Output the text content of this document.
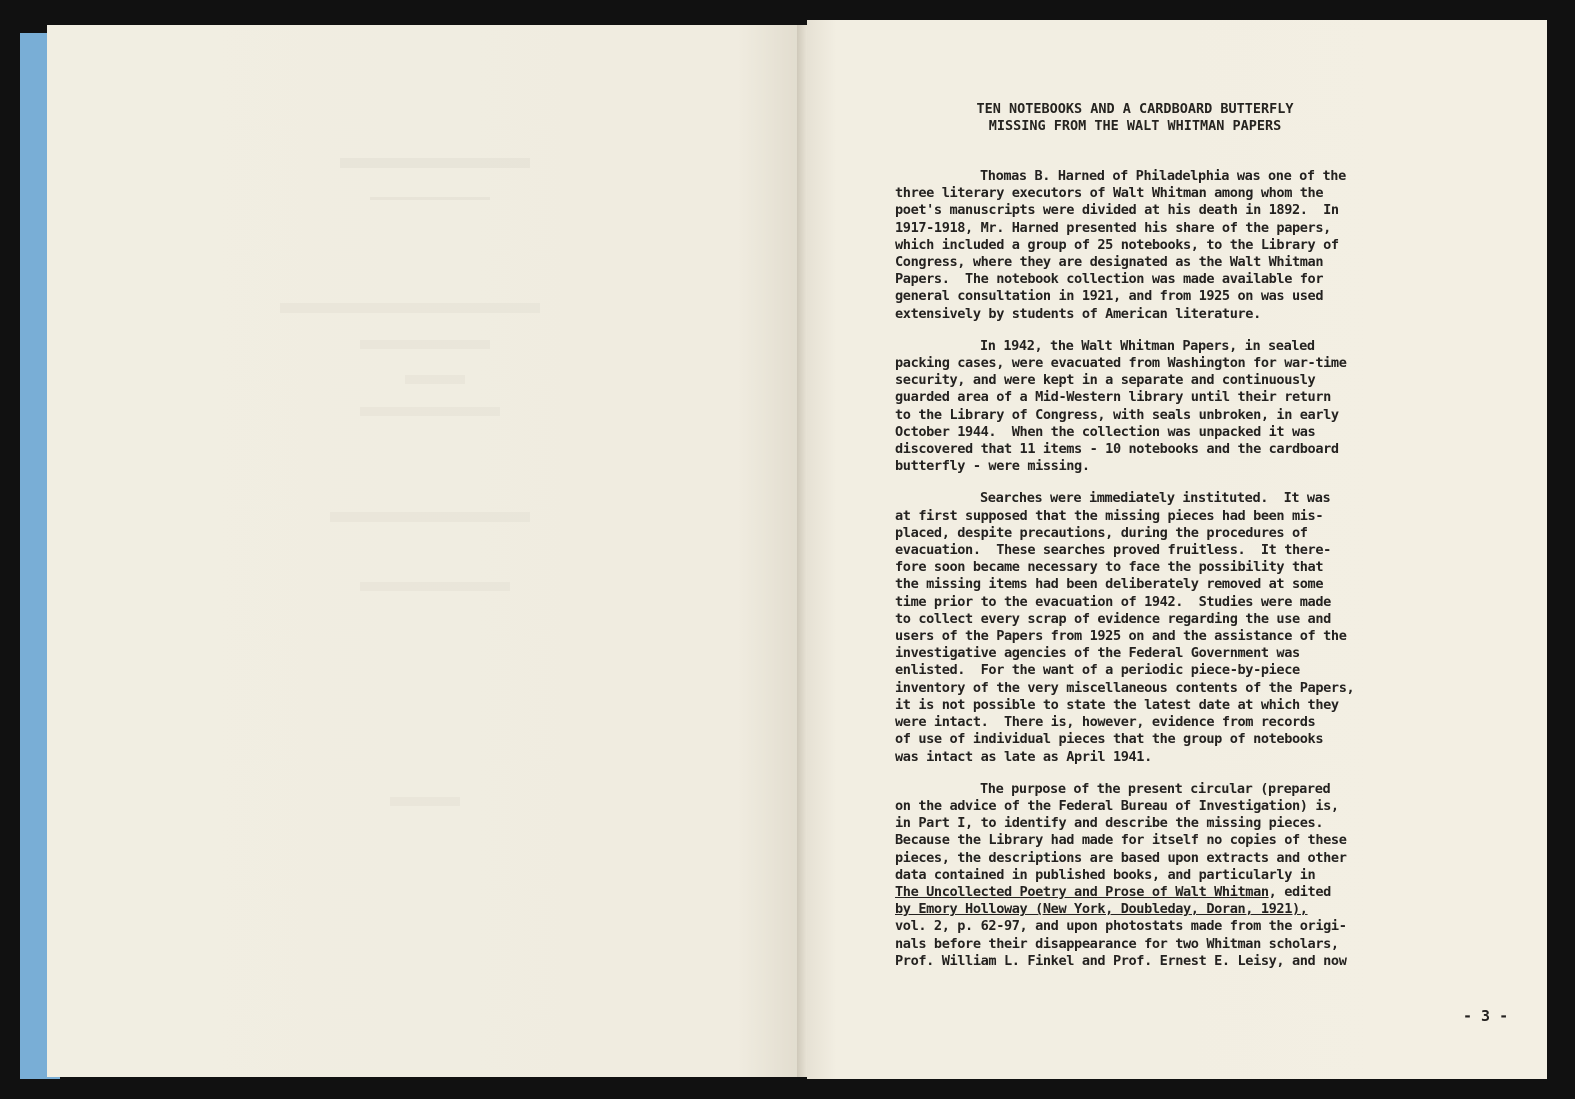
TEN NOTEBOOKS AND A CARDBOARD BUTTERFLY
MISSING FROM THE WALT WHITMAN PAPERS
Thomas B. Harned of Philadelphia was one of the
three literary executors of Walt Whitman among whom the
poet's manuscripts were divided at his death in 1892.  In
1917-1918, Mr. Harned presented his share of the papers,
which included a group of 25 notebooks, to the Library of
Congress, where they are designated as the Walt Whitman
Papers.  The notebook collection was made available for
general consultation in 1921, and from 1925 on was used
extensively by students of American literature.
In 1942, the Walt Whitman Papers, in sealed
packing cases, were evacuated from Washington for war-time
security, and were kept in a separate and continuously
guarded area of a Mid-Western library until their return
to the Library of Congress, with seals unbroken, in early
October 1944.  When the collection was unpacked it was
discovered that 11 items - 10 notebooks and the cardboard
butterfly - were missing.
Searches were immediately instituted.  It was
at first supposed that the missing pieces had been mis-
placed, despite precautions, during the procedures of
evacuation.  These searches proved fruitless.  It there-
fore soon became necessary to face the possibility that
the missing items had been deliberately removed at some
time prior to the evacuation of 1942.  Studies were made
to collect every scrap of evidence regarding the use and
users of the Papers from 1925 on and the assistance of the
investigative agencies of the Federal Government was
enlisted.  For the want of a periodic piece-by-piece
inventory of the very miscellaneous contents of the Papers,
it is not possible to state the latest date at which they
were intact.  There is, however, evidence from records
of use of individual pieces that the group of notebooks
was intact as late as April 1941.
The purpose of the present circular (prepared
on the advice of the Federal Bureau of Investigation) is,
in Part I, to identify and describe the missing pieces.
Because the Library had made for itself no copies of these
pieces, the descriptions are based upon extracts and other
data contained in published books, and particularly in
The Uncollected Poetry and Prose of Walt Whitman, edited
by Emory Holloway (New York, Doubleday, Doran, 1921),
vol. 2, p. 62-97, and upon photostats made from the origi-
nals before their disappearance for two Whitman scholars,
Prof. William L. Finkel and Prof. Ernest E. Leisy, and now
- 3 -
